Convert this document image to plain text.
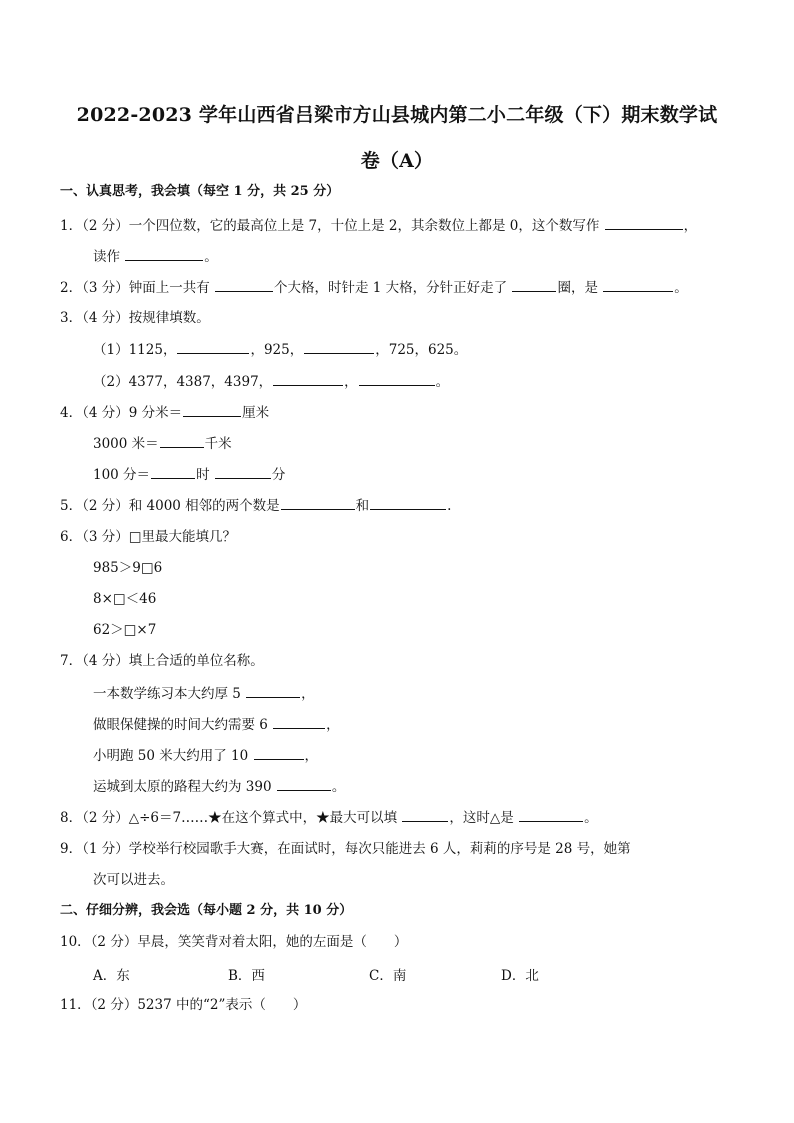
2022-2023 学年山西省吕梁市方山县城内第二小二年级（下）期末数学试
卷（A）
一、认真思考，我会填（每空 1 分，共 25 分）
1．（2 分）一个四位数，它的最高位上是 7，十位上是 2，其余数位上都是 0，这个数写作	，
读作	。
2．（3 分）钟面上一共有	个大格，时针走 1 大格，分针正好走了	圈，是	。
3．（4 分）按规律填数。
（1）1125，	，925，	，725，625。
（2）4377，4387，4397，	，	。
4．（4 分）9 分米＝	厘米
3000 米＝	千米
100 分＝	时	分
5．（2 分）和 4000 相邻的两个数是	和	.
6．（3 分）□里最大能填几？
985＞9□6
8×□＜46
62＞□×7
7．（4 分）填上合适的单位名称。
一本数学练习本大约厚 5	，
做眼保健操的时间大约需要 6	，
小明跑 50 米大约用了 10	，
运城到太原的路程大约为 390	。
8．（2 分）△÷6＝7……★在这个算式中，★最大可以填	，这时△是	。
9．（1 分）学校举行校园歌手大赛，在面试时，每次只能进去 6 人，莉莉的序号是 28 号，她第
次可以进去。
二、仔细分辨，我会选（每小题 2 分，共 10 分）
10．（2 分）早晨，笑笑背对着太阳，她的左面是（　　）
A．东	B．西	C．南	D．北
11．（2 分）5237 中的“2”表示（　　）
